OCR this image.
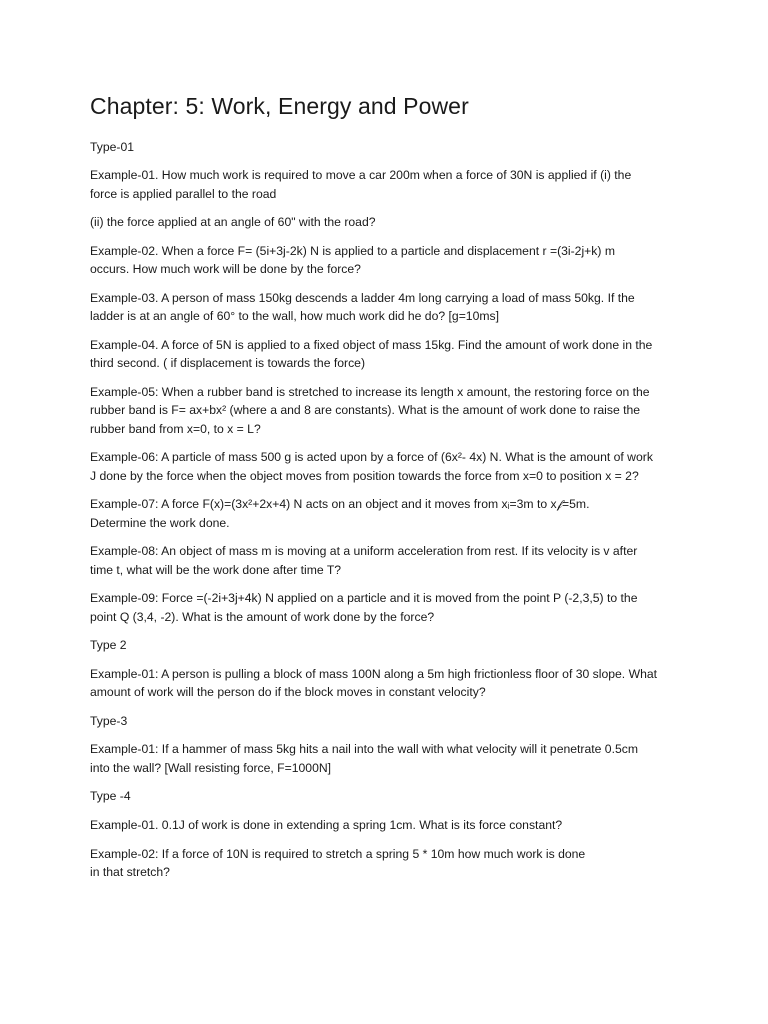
Chapter: 5: Work, Energy and Power

Type-01

Example-01. How much work is required to move a car 200m when a force of 30N is applied if (i) the
force is applied parallel to the road

(ii) the force applied at an angle of 60" with the road?

Example-02. When a force F= (5i+3j-2k) N is applied to a particle and displacement r =(3i-2j+k) m
occurs. How much work will be done by the force?

Example-03. A person of mass 150kg descends a ladder 4m long carrying a load of mass 50kg. If the
ladder is at an angle of 60° to the wall, how much work did he do? [g=10ms]

Example-04. A force of 5N is applied to a fixed object of mass 15kg. Find the amount of work done in the
third second. ( if displacement is towards the force)

Example-05: When a rubber band is stretched to increase its length x amount, the restoring force on the
rubber band is F= ax+bx² (where a and 8 are constants). What is the amount of work done to raise the
rubber band from x=0, to x = L?

Example-06: A particle of mass 500 g is acted upon by a force of (6x²- 4x) N. What is the amount of work
J done by the force when the object moves from position towards the force from x=0 to position x = 2?

Example-07: A force F(x)=(3x²+2x+4) N acts on an object and it moves from xᵢ=3m to x𝒻=5m.
Determine the work done.

Example-08: An object of mass m is moving at a uniform acceleration from rest. If its velocity is v after
time t, what will be the work done after time T?

Example-09: Force =(-2i+3j+4k) N applied on a particle and it is moved from the point P (-2,3,5) to the
point Q (3,4, -2). What is the amount of work done by the force?

Type 2

Example-01: A person is pulling a block of mass 100N along a 5m high frictionless floor of 30 slope. What
amount of work will the person do if the block moves in constant velocity?

Type-3

Example-01: If a hammer of mass 5kg hits a nail into the wall with what velocity will it penetrate 0.5cm
into the wall? [Wall resisting force, F=1000N]

Type -4

Example-01. 0.1J of work is done in extending a spring 1cm. What is its force constant?

Example-02: If a force of 10N is required to stretch a spring 5 * 10m how much work is done
in that stretch?
